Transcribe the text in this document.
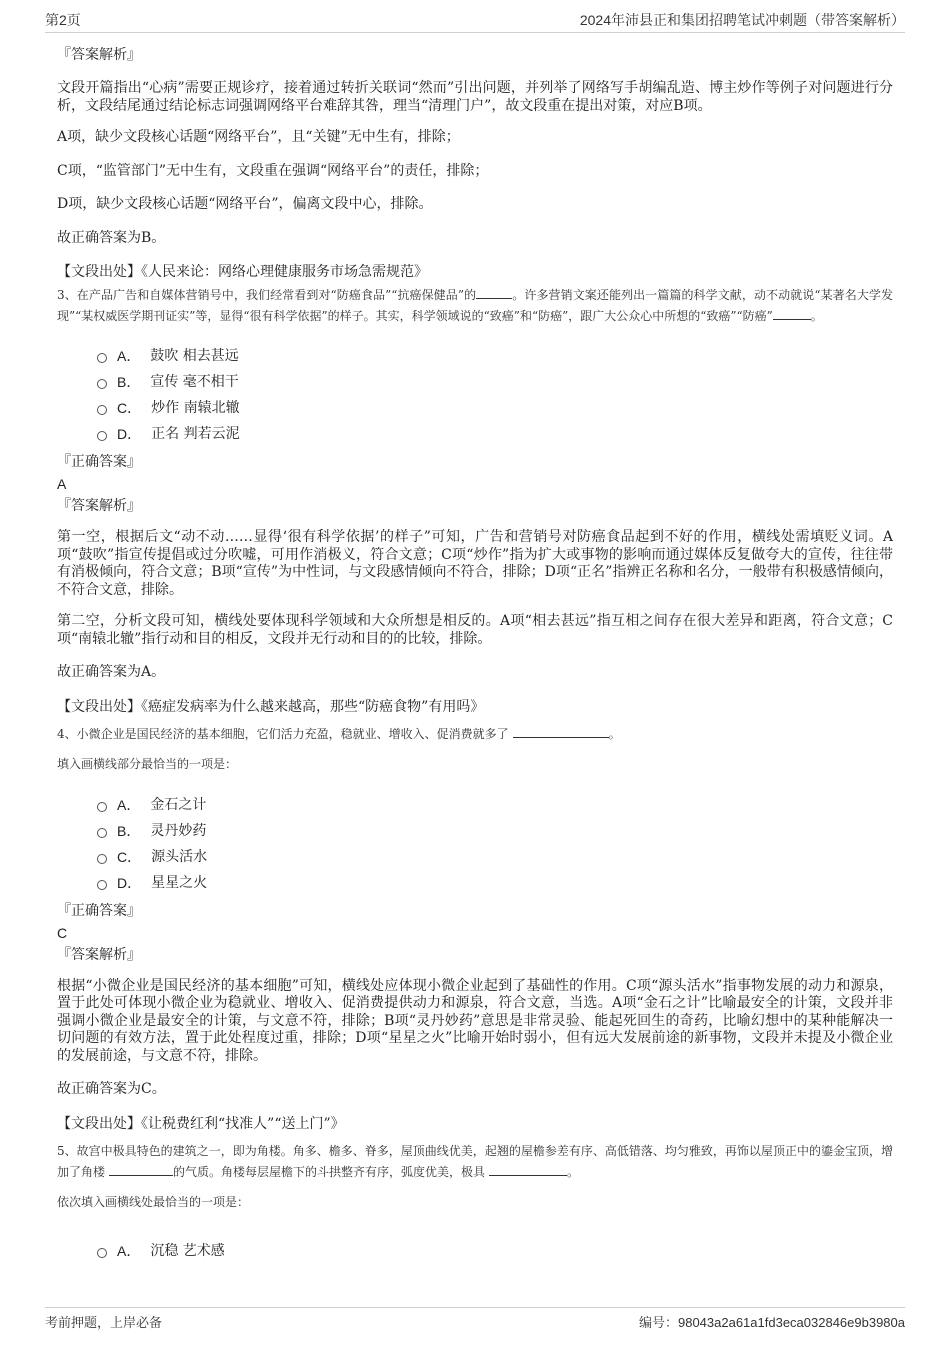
第2页	2024年沛县正和集团招聘笔试冲刺题（带答案解析）
『答案解析』

文段开篇指出“心病”需要正规诊疗，接着通过转折关联词“然而”引出问题，并列举了网络写手胡编乱造、博主炒作等例子对问题进行分析，文段结尾通过结论标志词强调网络平台难辞其咎，理当“清理门户”，故文段重在提出对策，对应B项。

A项，缺少文段核心话题“网络平台”，且“关键”无中生有，排除；

C项，“监管部门”无中生有，文段重在强调“网络平台”的责任，排除；

D项，缺少文段核心话题“网络平台”，偏离文段中心，排除。

故正确答案为B。

【文段出处】《人民来论：网络心理健康服务市场急需规范》

3、在产品广告和自媒体营销号中，我们经常看到对“防癌食品”“抗癌保健品”的	。许多营销文案还能列出一篇篇的科学文献，动不动就说“某著名大学发现”“某权威医学期刊证实”等，显得“很有科学依据”的样子。其实，科学领域说的“致癌”和“防癌”，跟广大公众心中所想的“致癌”“防癌”	。

A． 鼓吹 相去甚远
B． 宣传 毫不相干
C． 炒作 南辕北辙
D． 正名 判若云泥
『正确答案』
A
『答案解析』

第一空，根据后文“动不动……显得‘很有科学依据’的样子”可知，广告和营销号对防癌食品起到不好的作用，横线处需填贬义词。A项“鼓吹”指宣传提倡或过分吹嘘，可用作消极义，符合文意；C项“炒作”指为扩大或事物的影响而通过媒体反复做夸大的宣传，往往带有消极倾向，符合文意；B项“宣传”为中性词，与文段感情倾向不符合，排除；D项“正名”指辨正名称和名分，一般带有积极感情倾向，不符合文意，排除。

第二空，分析文段可知，横线处要体现科学领域和大众所想是相反的。A项“相去甚远”指互相之间存在很大差异和距离，符合文意；C项“南辕北辙”指行动和目的相反，文段并无行动和目的的比较，排除。

故正确答案为A。

【文段出处】《癌症发病率为什么越来越高，那些“防癌食物”有用吗》

4、小微企业是国民经济的基本细胞，它们活力充盈，稳就业、增收入、促消费就多了	。

填入画横线部分最恰当的一项是：

A． 金石之计
B． 灵丹妙药
C． 源头活水
D． 星星之火
『正确答案』
C
『答案解析』

根据“小微企业是国民经济的基本细胞”可知，横线处应体现小微企业起到了基础性的作用。C项“源头活水”指事物发展的动力和源泉，置于此处可体现小微企业为稳就业、增收入、促消费提供动力和源泉，符合文意，当选。A项“金石之计”比喻最安全的计策，文段并非强调小微企业是最安全的计策，与文意不符，排除；B项“灵丹妙药”意思是非常灵验、能起死回生的奇药，比喻幻想中的某种能解决一切问题的有效方法，置于此处程度过重，排除；D项“星星之火”比喻开始时弱小，但有远大发展前途的新事物，文段并未提及小微企业的发展前途，与文意不符，排除。

故正确答案为C。

【文段出处】《让税费红利“找准人”“送上门”》

5、故宫中极具特色的建筑之一，即为角楼。角多、檐多、脊多，屋顶曲线优美，起翘的屋檐参差有序、高低错落、均匀雅致，再饰以屋顶正中的鎏金宝顶，增加了角楼	的气质。角楼每层屋檐下的斗拱整齐有序，弧度优美，极具	。

依次填入画横线处最恰当的一项是：

A． 沉稳 艺术感
考前押题，上岸必备	编号：98043a2a61a1fd3eca032846e9b3980a
